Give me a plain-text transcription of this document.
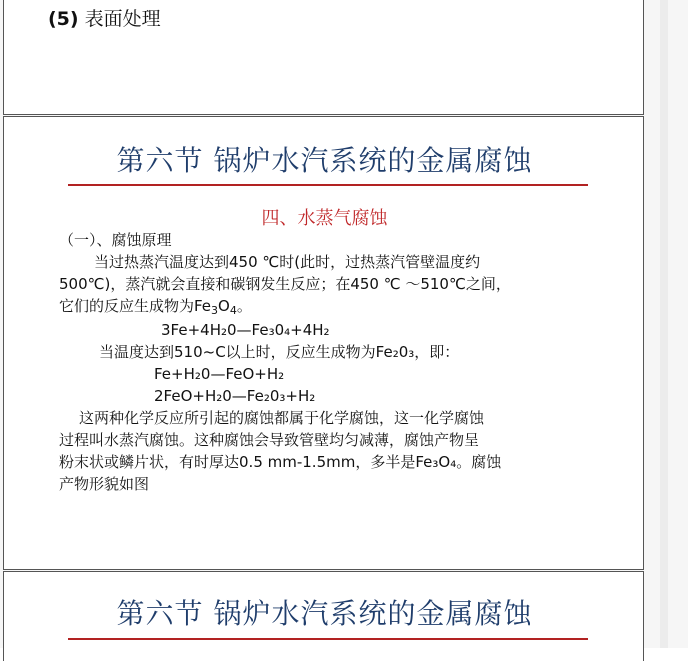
(5) 表面处理
第六节 锅炉水汽系统的金属腐蚀
四、水蒸气腐蚀
（一）、腐蚀原理
当过热蒸汽温度达到450 ℃时(此时，过热蒸汽管壁温度约
500℃)，蒸汽就会直接和碳钢发生反应；在450 ℃ ～510℃之间，
它们的反应生成物为$Fe_3O_4$。
3Fe+4H₂0—Fe₃0₄+4H₂
当温度达到510~C以上时，反应生成物为Fe₂0₃，即：
Fe+H₂0—FeO+H₂
2FeO+H₂0—Fe₂0₃+H₂
这两种化学反应所引起的腐蚀都属于化学腐蚀，这一化学腐蚀
过程叫水蒸汽腐蚀。这种腐蚀会导致管壁均匀减薄，腐蚀产物呈
粉末状或鳞片状，有时厚达0.5 mm-1.5mm，多半是Fe₃O₄。腐蚀
产物形貌如图
第六节 锅炉水汽系统的金属腐蚀
